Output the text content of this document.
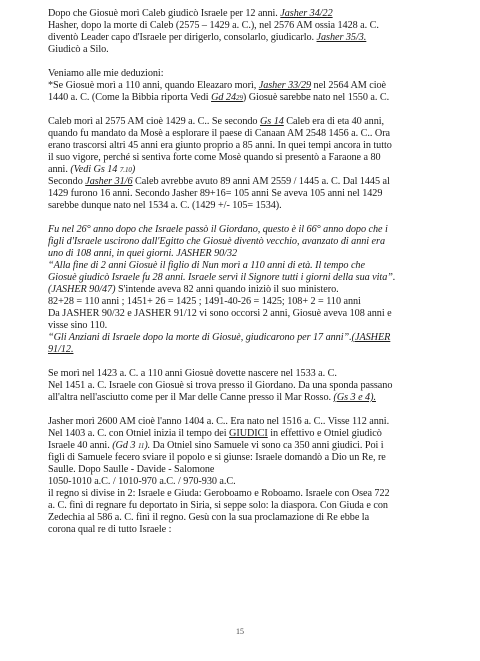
Dopo che Giosuè morì Caleb giudicò Israele per 12 anni. Jasher 34/22
Hasher, dopo la morte di Caleb (2575 – 1429 a. C.), nel 2576 AM ossia 1428 a. C.
diventò Leader capo d'Israele per dirigerlo, consolarlo, giudicarlo. Jasher 35/3.
Giudicò a Silo.
Veniamo alle mie deduzioni:
*Se Giosuè morì a 110 anni, quando Eleazaro morì, Jasher 33/29 nel 2564 AM cioè
1440 a. C. (Come la Bibbia riporta Vedi Gd 2429) Giosuè sarebbe nato nel 1550 a. C.
Caleb morì al 2575 AM cioè 1429 a. C.. Se secondo Gs 14 Caleb era di eta 40 anni,
quando fu mandato da Mosè a esplorare il paese di Canaan AM 2548 1456 a. C.. Ora
erano trascorsi altri 45 anni era giunto proprio a 85 anni. In quei tempi ancora in tutto
il suo vigore, perché si sentiva forte come Mosè quando si presentò a Faraone a 80
anni. (Vedi Gs 14 7.10)
Secondo Jasher 31/6 Caleb avrebbe avuto 89 anni AM 2559 / 1445 a. C. Dal 1445 al
1429 furono 16 anni. Secondo Jasher 89+16= 105 anni Se aveva 105 anni nel 1429
sarebbe dunque nato nel 1534 a. C. (1429 +/- 105= 1534).
Fu nel 26° anno dopo che Israele passò il Giordano, questo è il 66° anno dopo che i
figli d'Israele uscirono dall'Egitto che Giosuè diventò vecchio, avanzato di anni era
uno di 108 anni, in quei giorni. JASHER 90/32
“Alla fine di 2 anni Giosuè il figlio di Nun morì a 110 anni di età. Il tempo che
Giosuè giudicò Israele fu 28 anni. Israele servì il Signore tutti i giorni della sua vita”.
(JASHER 90/47) S'intende aveva 82 anni quando iniziò il suo ministero.
82+28 = 110 anni ; 1451+ 26 = 1425 ; 1491-40-26 = 1425; 108+ 2 = 110 anni
Da JASHER 90/32 e JASHER 91/12 vi sono occorsi 2 anni, Giosuè aveva 108 anni e
visse sino 110.
“Gli Anziani di Israele dopo la morte di Giosuè, giudicarono per 17 anni”.(JASHER
91/12.
Se morì nel 1423 a. C. a 110 anni Giosuè dovette nascere nel 1533 a. C.
Nel 1451 a. C. Israele con Giosuè si trova presso il Giordano. Da una sponda passano
all'altra nell'asciutto come per il Mar delle Canne presso il Mar Rosso. (Gs 3 e 4).
Jasher morì 2600 AM cioè l'anno 1404 a. C.. Era nato nel 1516 a. C.. Visse 112 anni.
Nel 1403 a. C. con Otniel inizia il tempo dei GIUDICI in effettivo e Otniel giudicò
Israele 40 anni. (Gd 3 11). Da Otniel sino Samuele vi sono ca 350 anni giudici. Poi i
figli di Samuele fecero sviare il popolo e si giunse: Israele domandò a Dio un Re, re
Saulle. Dopo Saulle - Davide - Salomone
1050-1010 a.C. / 1010-970 a.C. / 970-930 a.C.
il regno si divise in 2: Israele e Giuda: Geroboamo e Roboamo. Israele con Osea 722
a. C. finì di regnare fu deportato in Siria, si seppe solo: la diaspora. Con Giuda e con
Zedechia al 586 a. C. finì il regno. Gesù con la sua proclamazione di Re ebbe la
corona qual re di tutto Israele :
15
